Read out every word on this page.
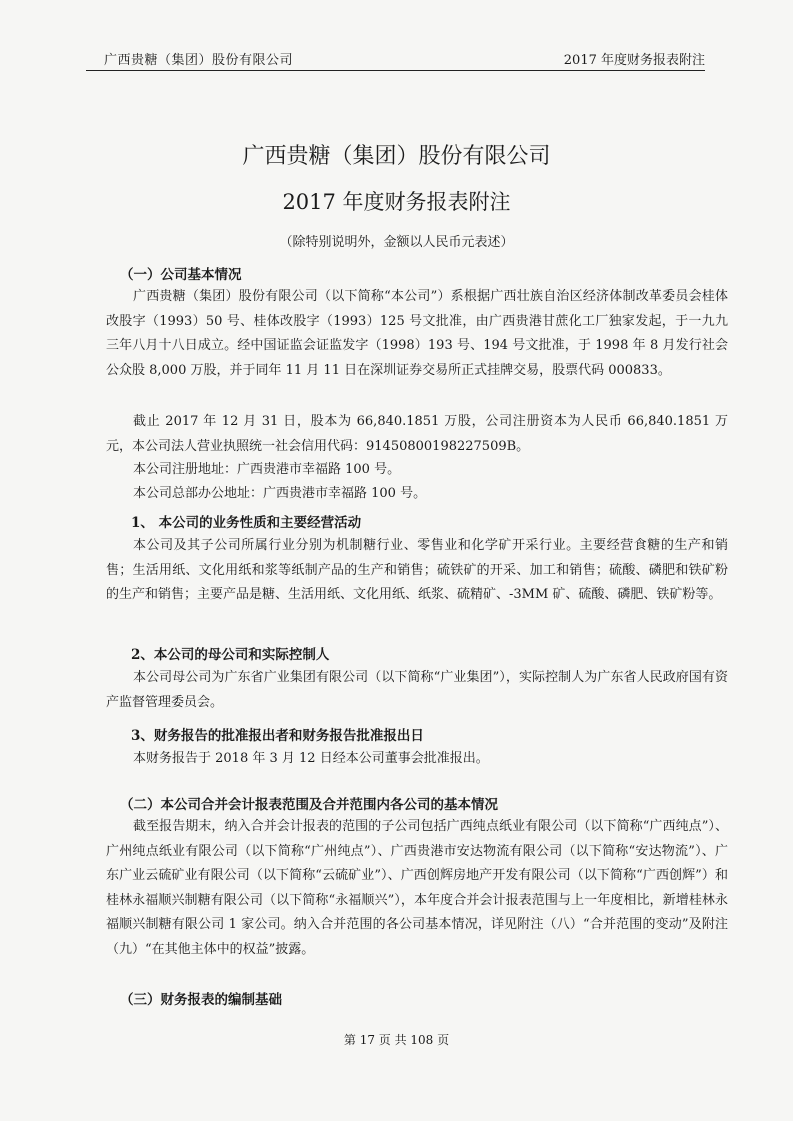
广西贵糖（集团）股份有限公司	2017 年度财务报表附注
广西贵糖（集团）股份有限公司
2017 年度财务报表附注
（除特别说明外，金额以人民币元表述）
（一）公司基本情况

广西贵糖（集团）股份有限公司（以下简称“本公司”）系根据广西壮族自治区经济体制改革委员会桂体改股字（1993）50 号、桂体改股字（1993）125 号文批准，由广西贵港甘蔗化工厂独家发起，于一九九三年八月十八日成立。经中国证监会证监发字（1998）193 号、194 号文批准，于 1998 年 8 月发行社会公众股 8,000 万股，并于同年 11 月 11 日在深圳证券交易所正式挂牌交易，股票代码 000833。

截止 2017 年 12 月 31 日，股本为 66,840.1851 万股，公司注册资本为人民币 66,840.1851 万元，本公司法人营业执照统一社会信用代码：91450800198227509B。

本公司注册地址：广西贵港市幸福路 100 号。

本公司总部办公地址：广西贵港市幸福路 100 号。

1、 本公司的业务性质和主要经营活动

本公司及其子公司所属行业分别为机制糖行业、零售业和化学矿开采行业。主要经营食糖的生产和销售；生活用纸、文化用纸和浆等纸制产品的生产和销售；硫铁矿的开采、加工和销售；硫酸、磷肥和铁矿粉的生产和销售；主要产品是糖、生活用纸、文化用纸、纸浆、硫精矿、-3MM 矿、硫酸、磷肥、铁矿粉等。

2、本公司的母公司和实际控制人

本公司母公司为广东省广业集团有限公司（以下简称“广业集团”），实际控制人为广东省人民政府国有资产监督管理委员会。

3、财务报告的批准报出者和财务报告批准报出日

本财务报告于 2018 年 3 月 12 日经本公司董事会批准报出。

（二）本公司合并会计报表范围及合并范围内各公司的基本情况

截至报告期末，纳入合并会计报表的范围的子公司包括广西纯点纸业有限公司（以下简称“广西纯点”）、广州纯点纸业有限公司（以下简称“广州纯点”）、广西贵港市安达物流有限公司（以下简称“安达物流”）、广东广业云硫矿业有限公司（以下简称“云硫矿业”）、广西创辉房地产开发有限公司（以下简称“广西创辉”）和桂林永福顺兴制糖有限公司（以下简称“永福顺兴”），本年度合并会计报表范围与上一年度相比，新增桂林永福顺兴制糖有限公司 1 家公司。纳入合并范围的各公司基本情况，详见附注（八）“合并范围的变动”及附注（九）“在其他主体中的权益”披露。

（三）财务报表的编制基础
第 17 页 共 108 页
